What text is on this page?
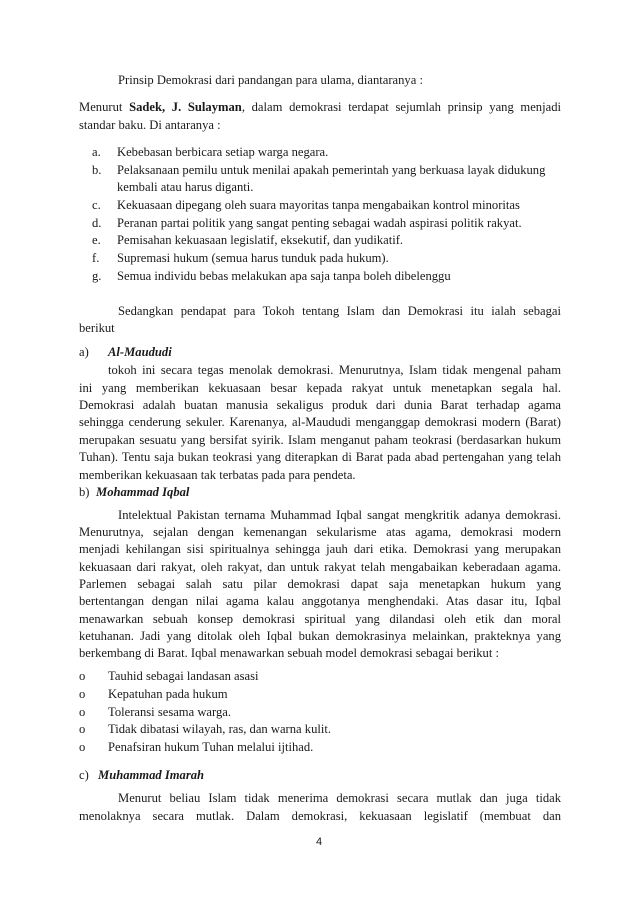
Prinsip Demokrasi dari pandangan para ulama, diantaranya :
Menurut Sadek, J. Sulayman, dalam demokrasi terdapat sejumlah prinsip yang menjadi
standar baku. Di antaranya :
a. Kebebasan berbicara setiap warga negara.
b. Pelaksanaan pemilu untuk menilai apakah pemerintah yang berkuasa layak didukung
kembali atau harus diganti.
c. Kekuasaan dipegang oleh suara mayoritas tanpa mengabaikan kontrol minoritas
d. Peranan partai politik yang sangat penting sebagai wadah aspirasi politik rakyat.
e. Pemisahan kekuasaan legislatif, eksekutif, dan yudikatif.
f. Supremasi hukum (semua harus tunduk pada hukum).
g. Semua individu bebas melakukan apa saja tanpa boleh dibelenggu
Sedangkan pendapat para Tokoh tentang Islam dan Demokrasi itu ialah sebagai
berikut
a) Al-Maududi
tokoh ini secara tegas menolak demokrasi. Menurutnya, Islam tidak mengenal paham
ini yang memberikan kekuasaan besar kepada rakyat untuk menetapkan segala hal.
Demokrasi adalah buatan manusia sekaligus produk dari dunia Barat terhadap agama
sehingga cenderung sekuler. Karenanya, al-Maududi menganggap demokrasi modern (Barat)
merupakan sesuatu yang bersifat syirik. Islam menganut paham teokrasi (berdasarkan hukum
Tuhan). Tentu saja bukan teokrasi yang diterapkan di Barat pada abad pertengahan yang telah
memberikan kekuasaan tak terbatas pada para pendeta.
b) Mohammad Iqbal
Intelektual Pakistan ternama Muhammad Iqbal sangat mengkritik adanya demokrasi.
Menurutnya, sejalan dengan kemenangan sekularisme atas agama, demokrasi modern
menjadi kehilangan sisi spiritualnya sehingga jauh dari etika. Demokrasi yang merupakan
kekuasaan dari rakyat, oleh rakyat, dan untuk rakyat telah mengabaikan keberadaan agama.
Parlemen sebagai salah satu pilar demokrasi dapat saja menetapkan hukum yang
bertentangan dengan nilai agama kalau anggotanya menghendaki. Atas dasar itu, Iqbal
menawarkan sebuah konsep demokrasi spiritual yang dilandasi oleh etik dan moral
ketuhanan. Jadi yang ditolak oleh Iqbal bukan demokrasinya melainkan, prakteknya yang
berkembang di Barat. Iqbal menawarkan sebuah model demokrasi sebagai berikut :
o Tauhid sebagai landasan asasi
o Kepatuhan pada hukum
o Toleransi sesama warga.
o Tidak dibatasi wilayah, ras, dan warna kulit.
o Penafsiran hukum Tuhan melalui ijtihad.
c) Muhammad Imarah
Menurut beliau Islam tidak menerima demokrasi secara mutlak dan juga tidak
menolaknya secara mutlak. Dalam demokrasi, kekuasaan legislatif (membuat dan
4
